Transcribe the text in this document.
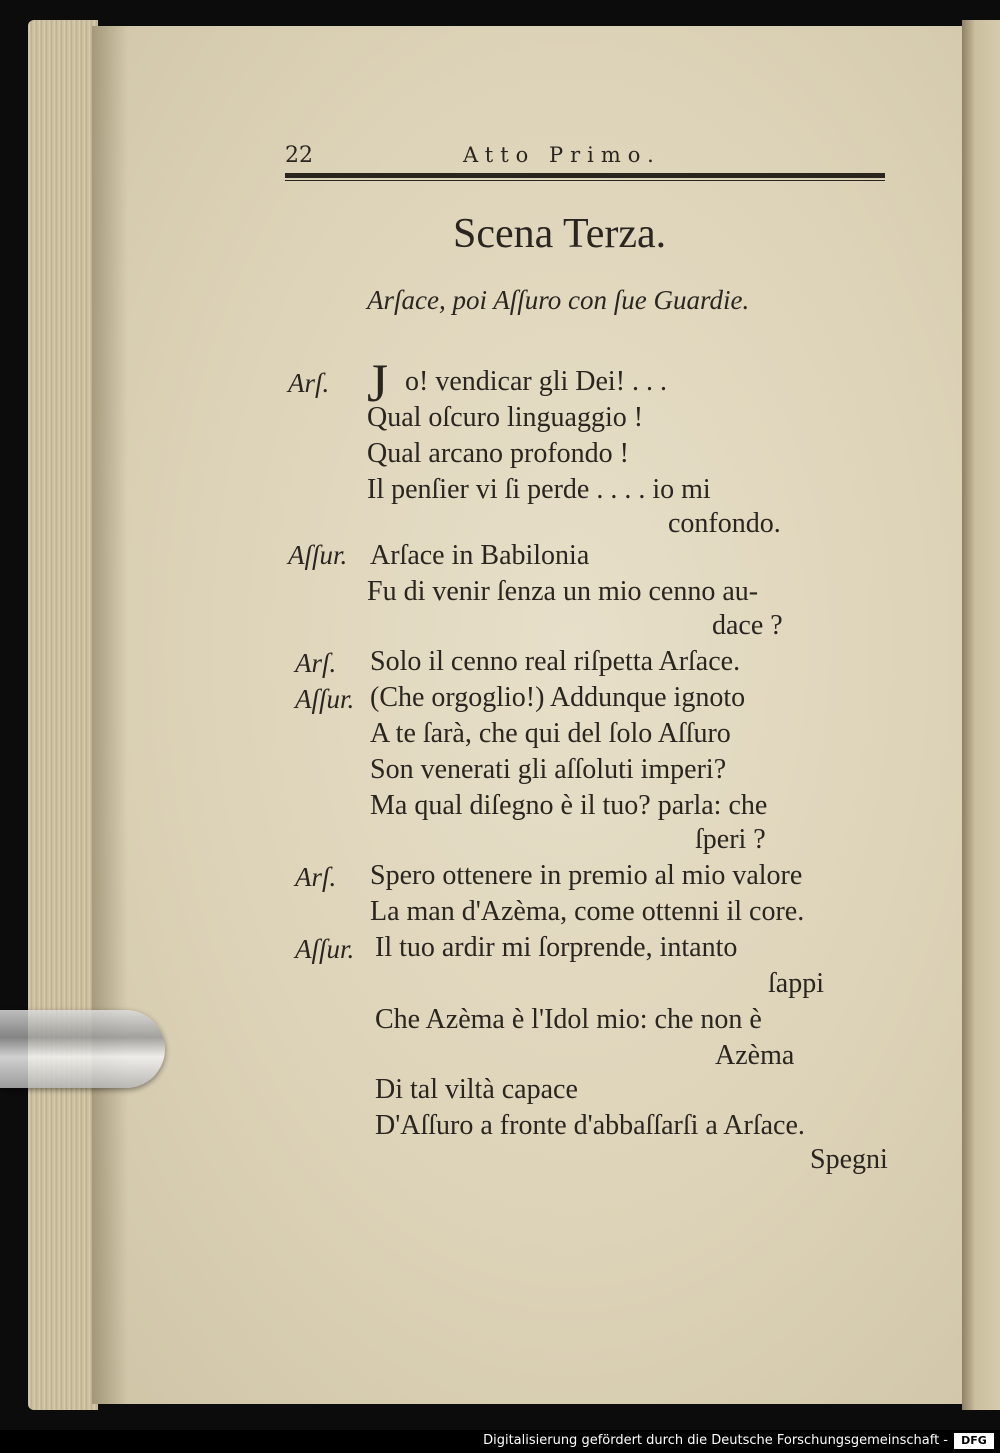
22	Atto Primo.
Scena Terza.
Arſace, poi Aſſuro con ſue Guardie.
J
Arſ.
Aſſur.
Arſ.
Aſſur.
Arſ.
Aſſur.
o! vendicar gli Dei! . . .
Qual oſcuro linguaggio !
Qual arcano profondo !
Il penſier vi ſi perde . . . . io mi
confondo.
Arſace in Babilonia
Fu di venir ſenza un mio cenno au-
dace ?
Solo il cenno real riſpetta Arſace.
(Che orgoglio!) Addunque ignoto
A te ſarà, che qui del ſolo Aſſuro
Son venerati gli aſſoluti imperi?
Ma qual diſegno è il tuo? parla: che
ſperi ?
Spero ottenere in premio al mio valore
La man d'Azèma, come ottenni il core.
Il tuo ardir mi ſorprende, intanto
ſappi
Che Azèma è l'Idol mio: che non è
Azèma
Di tal viltà capace
D'Aſſuro a fronte d'abbaſſarſi a Arſace.
Spegni
Digitalisierung gefördert durch die Deutsche Forschungsgemeinschaft -	DFG
